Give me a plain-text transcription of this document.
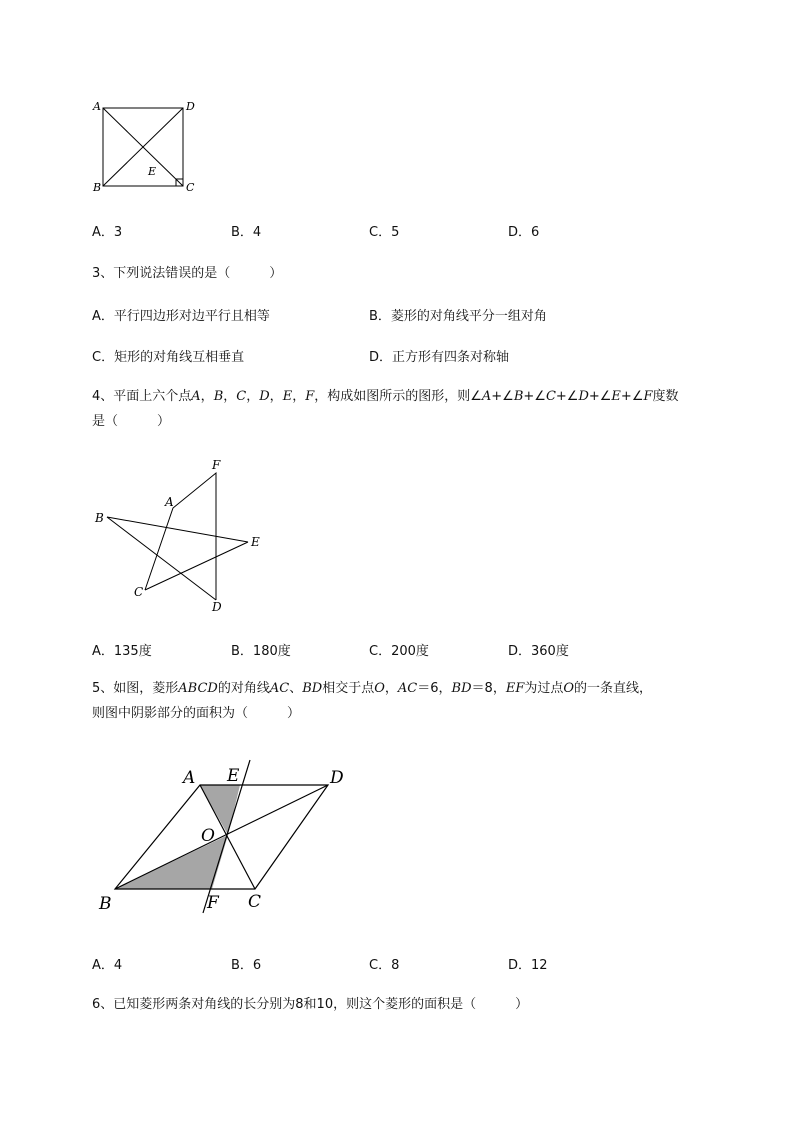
A	D
B	C
E
A．3	B．4	C．5	D．6
3、下列说法错误的是（　　　）
A．平行四边形对边平行且相等	B．菱形的对角线平分一组对角
C．矩形的对角线互相垂直	D．正方形有四条对称轴
4、平面上六个点A，B，C，D，E，F，构成如图所示的图形，则∠A+∠B+∠C+∠D+∠E+∠F度数
是（　　　）
F
A
B
E
C
D
A．135度	B．180度	C．200度	D．360度
5、如图，菱形ABCD的对角线AC、BD相交于点O，AC＝6，BD＝8，EF为过点O的一条直线，
则图中阴影部分的面积为（　　　）
A E	D
O
B	F C
A．4	B．6	C．8	D．12
6、已知菱形两条对角线的长分别为8和10，则这个菱形的面积是（　　　）
